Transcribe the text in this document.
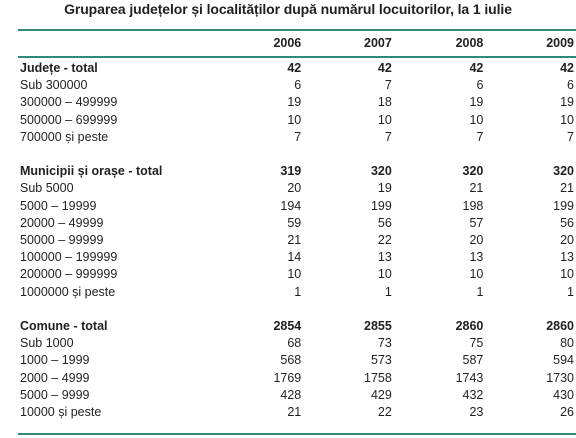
Gruparea județelor și localităților după numărul locuitorilor, la 1 iulie
	2006	2007	2008	2009

Județe - total	42	42	42	42
Sub 300000	6	7	6	6
300000 – 499999	19	18	19	19
500000 – 699999	10	10	10	10
700000 și peste	7	7	7	7

Municipii și orașe - total	319	320	320	320
Sub 5000	20	19	21	21
5000 – 19999	194	199	198	199
20000 – 49999	59	56	57	56
50000 – 99999	21	22	20	20
100000 – 199999	14	13	13	13
200000 – 999999	10	10	10	10
1000000 și peste	1	1	1	1

Comune - total	2854	2855	2860	2860
Sub 1000	68	73	75	80
1000 – 1999	568	573	587	594
2000 – 4999	1769	1758	1743	1730
5000 – 9999	428	429	432	430
10000 și peste	21	22	23	26
